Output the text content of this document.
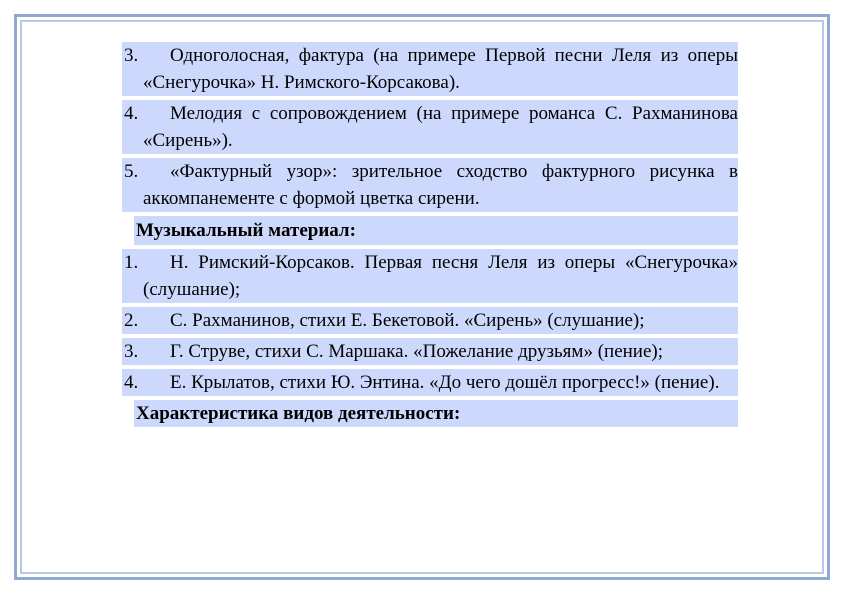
3.	Одноголосная, фактура (на примере Первой песни Леля из оперы «Снегурочка» Н. Римского-Корсакова).
4.	Мелодия с сопровождением (на примере романса С. Рахманинова «Сирень»).
5.	«Фактурный узор»: зрительное сходство фактурного рисунка в аккомпанементе с формой цветка сирени.
Музыкальный материал:
1.	Н. Римский-Корсаков. Первая песня Леля из оперы «Снегурочка» (слушание);
2.	С. Рахманинов, стихи Е. Бекетовой. «Сирень» (слушание);
3.	Г. Струве, стихи С. Маршака. «Пожелание друзьям» (пение);
4.	Е. Крылатов, стихи Ю. Энтина. «До чего дошёл прогресс!» (пение).
Характеристика видов деятельности:
